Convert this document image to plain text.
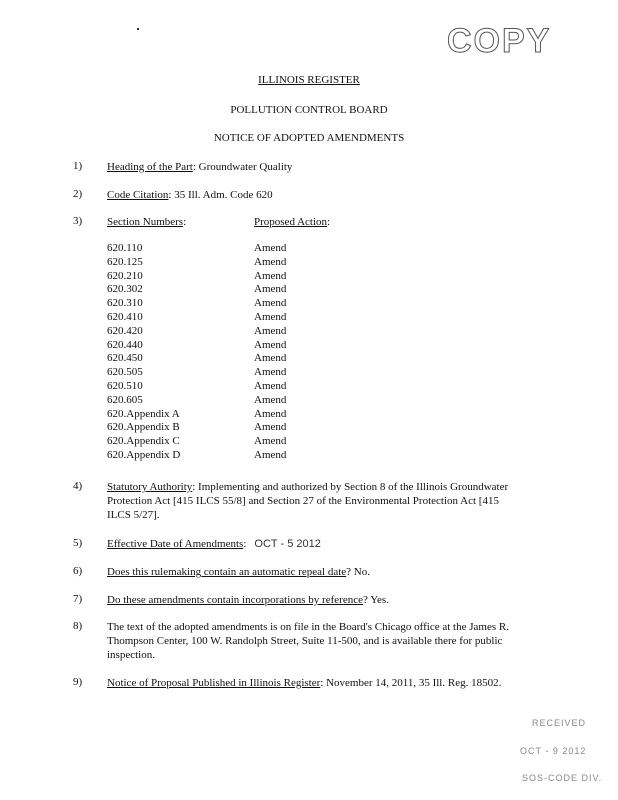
COPY
ILLINOIS REGISTER
POLLUTION CONTROL BOARD
NOTICE OF ADOPTED AMENDMENTS
1) Heading of the Part: Groundwater Quality
2) Code Citation: 35 Ill. Adm. Code 620
3) Section Numbers:	Proposed Action:
620.110	Amend
620.125	Amend
620.210	Amend
620.302	Amend
620.310	Amend
620.410	Amend
620.420	Amend
620.440	Amend
620.450	Amend
620.505	Amend
620.510	Amend
620.605	Amend
620.Appendix A	Amend
620.Appendix B	Amend
620.Appendix C	Amend
620.Appendix D	Amend
4) Statutory Authority: Implementing and authorized by Section 8 of the Illinois Groundwater Protection Act [415 ILCS 55/8] and Section 27 of the Environmental Protection Act [415 ILCS 5/27].
5) Effective Date of Amendments: OCT - 5 2012
6) Does this rulemaking contain an automatic repeal date? No.
7) Do these amendments contain incorporations by reference? Yes.
8) The text of the adopted amendments is on file in the Board's Chicago office at the James R. Thompson Center, 100 W. Randolph Street, Suite 11-500, and is available there for public inspection.
9) Notice of Proposal Published in Illinois Register: November 14, 2011, 35 Ill. Reg. 18502.
RECEIVED
OCT - 9 2012
SOS-CODE DIV.
